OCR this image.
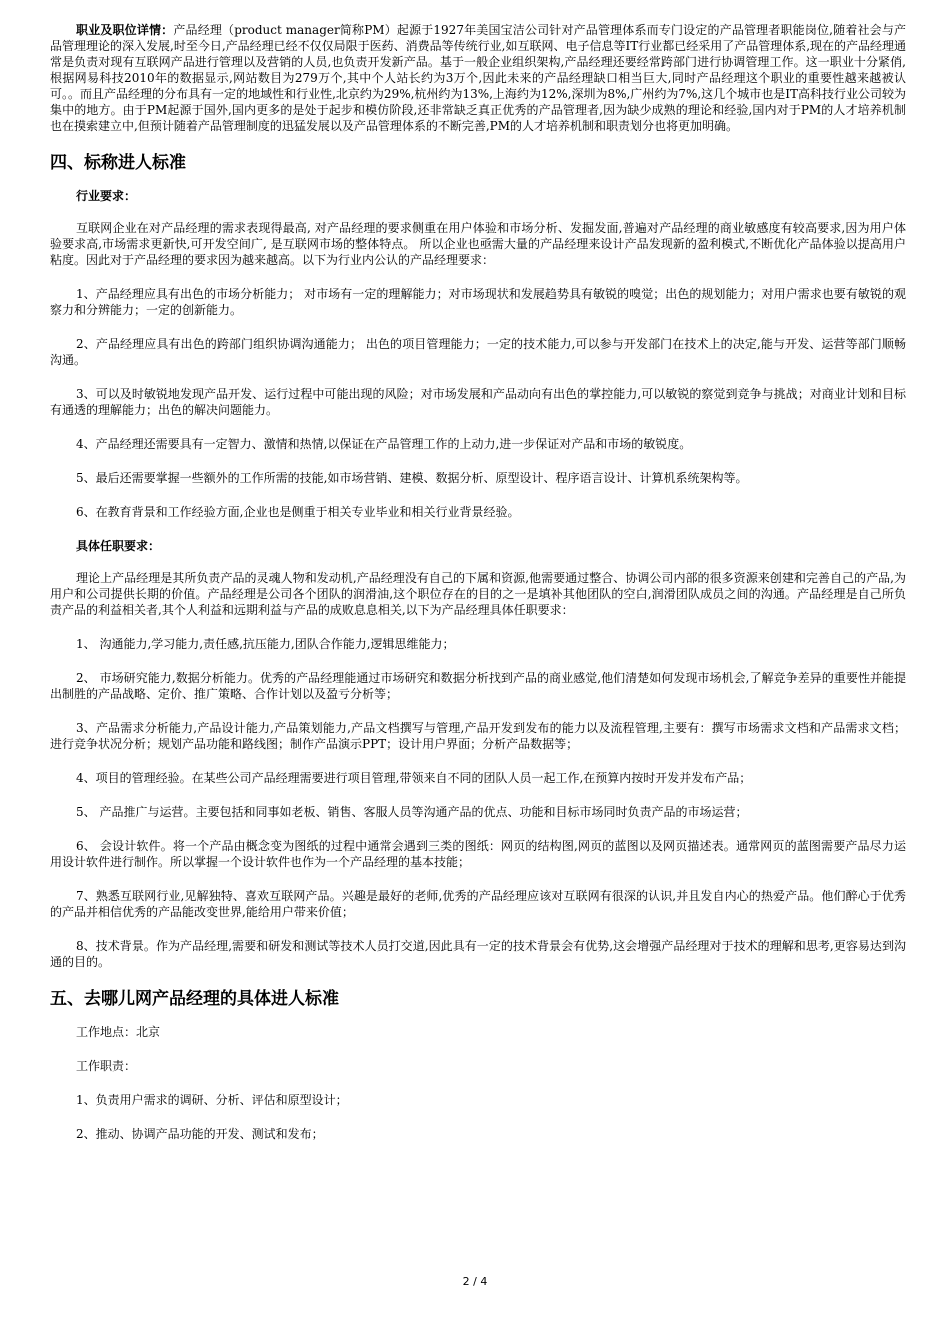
职业及职位详情：产品经理（product manager简称PM）起源于1927年美国宝洁公司针对产品管理体系而专门设定的产品管理者职能岗位,随着社会与产品管理理论的深入发展,时至今日,产品经理已经不仅仅局限于医药、消费品等传统行业,如互联网、电子信息等IT行业都已经采用了产品管理体系,现在的产品经理通常是负责对现有互联网产品进行管理以及营销的人员,也负责开发新产品。基于一般企业组织架构,产品经理还要经常跨部门进行协调管理工作。这一职业十分紧俏,根据网易科技2010年的数据显示,网站数目为279万个,其中个人站长约为3万个,因此未来的产品经理缺口相当巨大,同时产品经理这个职业的重要性越来越被认可。。而且产品经理的分布具有一定的地域性和行业性,北京约为29%,杭州约为13%,上海约为12%,深圳为8%,广州约为7%,这几个城市也是IT高科技行业公司较为集中的地方。由于PM起源于国外,国内更多的是处于起步和模仿阶段,还非常缺乏真正优秀的产品管理者,因为缺少成熟的理论和经验,国内对于PM的人才培养机制也在摸索建立中,但预计随着产品管理制度的迅猛发展以及产品管理体系的不断完善,PM的人才培养机制和职责划分也将更加明确。

四、标称进人标准

行业要求：

互联网企业在对产品经理的需求表现得最高, 对产品经理的要求侧重在用户体验和市场分析、发掘发面,普遍对产品经理的商业敏感度有较高要求,因为用户体验要求高,市场需求更新快,可开发空间广, 是互联网市场的整体特点。 所以企业也亟需大量的产品经理来设计产品发现新的盈利模式,不断优化产品体验以提高用户粘度。因此对于产品经理的要求因为越来越高。以下为行业内公认的产品经理要求：

1、产品经理应具有出色的市场分析能力； 对市场有一定的理解能力；对市场现状和发展趋势具有敏锐的嗅觉；出色的规划能力；对用户需求也要有敏锐的观察力和分辨能力；一定的创新能力。

2、产品经理应具有出色的跨部门组织协调沟通能力； 出色的项目管理能力；一定的技术能力,可以参与开发部门在技术上的决定,能与开发、运营等部门顺畅沟通。

3、可以及时敏锐地发现产品开发、运行过程中可能出现的风险；对市场发展和产品动向有出色的掌控能力,可以敏锐的察觉到竞争与挑战；对商业计划和目标有通透的理解能力；出色的解决问题能力。

4、产品经理还需要具有一定智力、激情和热情,以保证在产品管理工作的上动力,进一步保证对产品和市场的敏锐度。

5、最后还需要掌握一些额外的工作所需的技能,如市场营销、建模、数据分析、原型设计、程序语言设计、计算机系统架构等。

6、在教育背景和工作经验方面,企业也是侧重于相关专业毕业和相关行业背景经验。

具体任职要求：

理论上产品经理是其所负责产品的灵魂人物和发动机,产品经理没有自己的下属和资源,他需要通过整合、协调公司内部的很多资源来创建和完善自己的产品,为用户和公司提供长期的价值。产品经理是公司各个团队的润滑油,这个职位存在的目的之一是填补其他团队的空白,润滑团队成员之间的沟通。产品经理是自己所负责产品的利益相关者,其个人利益和远期利益与产品的成败息息相关,以下为产品经理具体任职要求：

1、 沟通能力,学习能力,责任感,抗压能力,团队合作能力,逻辑思维能力；

2、 市场研究能力,数据分析能力。优秀的产品经理能通过市场研究和数据分析找到产品的商业感觉,他们清楚如何发现市场机会,了解竞争差异的重要性并能提出制胜的产品战略、定价、推广策略、合作计划以及盈亏分析等；

3、产品需求分析能力,产品设计能力,产品策划能力,产品文档撰写与管理,产品开发到发布的能力以及流程管理,主要有：撰写市场需求文档和产品需求文档；进行竞争状况分析；规划产品功能和路线图；制作产品演示PPT；设计用户界面；分析产品数据等；

4、项目的管理经验。在某些公司产品经理需要进行项目管理,带领来自不同的团队人员一起工作,在预算内按时开发并发布产品；

5、 产品推广与运营。主要包括和同事如老板、销售、客服人员等沟通产品的优点、功能和目标市场同时负责产品的市场运营；

6、 会设计软件。将一个产品由概念变为图纸的过程中通常会遇到三类的图纸：网页的结构图,网页的蓝图以及网页描述表。通常网页的蓝图需要产品尽力运用设计软件进行制作。所以掌握一个设计软件也作为一个产品经理的基本技能；

7、熟悉互联网行业,见解独特、喜欢互联网产品。兴趣是最好的老师,优秀的产品经理应该对互联网有很深的认识,并且发自内心的热爱产品。他们醉心于优秀的产品并相信优秀的产品能改变世界,能给用户带来价值；

8、技术背景。作为产品经理,需要和研发和测试等技术人员打交道,因此具有一定的技术背景会有优势,这会增强产品经理对于技术的理解和思考,更容易达到沟通的目的。

五、去哪儿网产品经理的具体进人标准

工作地点：北京

工作职责：

1、负责用户需求的调研、分析、评估和原型设计；

2、推动、协调产品功能的开发、测试和发布；

2 / 4
